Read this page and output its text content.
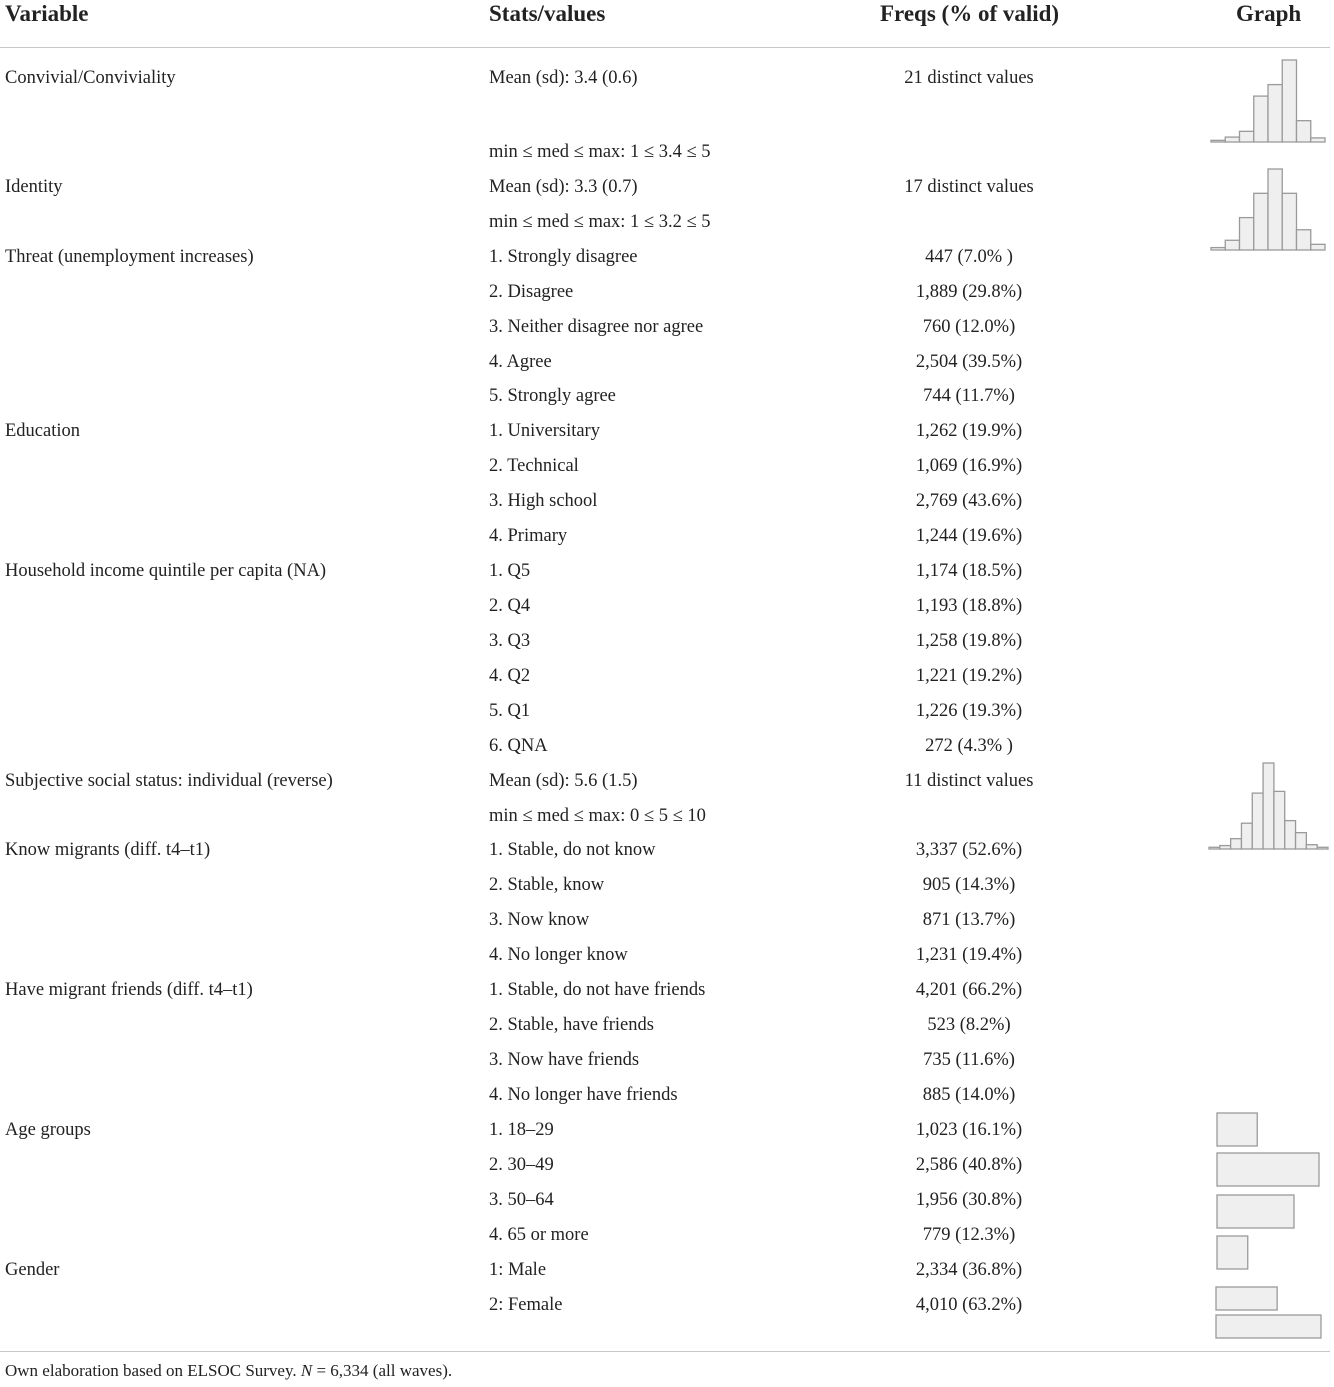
Variable	Stats/values	Freqs (% of valid)	Graph
Convivial/Conviviality	Mean (sd): 3.4 (0.6)	21 distinct values
min ≤ med ≤ max: 1 ≤ 3.4 ≤ 5
Identity	Mean (sd): 3.3 (0.7)	17 distinct values
min ≤ med ≤ max: 1 ≤ 3.2 ≤ 5
Threat (unemployment increases)	1. Strongly disagree	447 (7.0% )
2. Disagree	1,889 (29.8%)
3. Neither disagree nor agree	760 (12.0%)
4. Agree	2,504 (39.5%)
5. Strongly agree	744 (11.7%)
Education	1. Universitary	1,262 (19.9%)
2. Technical	1,069 (16.9%)
3. High school	2,769 (43.6%)
4. Primary	1,244 (19.6%)
Household income quintile per capita (NA)	1. Q5	1,174 (18.5%)
2. Q4	1,193 (18.8%)
3. Q3	1,258 (19.8%)
4. Q2	1,221 (19.2%)
5. Q1	1,226 (19.3%)
6. QNA	272 (4.3% )
Subjective social status: individual (reverse)	Mean (sd): 5.6 (1.5)	11 distinct values
min ≤ med ≤ max: 0 ≤ 5 ≤ 10
Know migrants (diff. t4–t1)	1. Stable, do not know	3,337 (52.6%)
2. Stable, know	905 (14.3%)
3. Now know	871 (13.7%)
4. No longer know	1,231 (19.4%)
Have migrant friends (diff. t4–t1)	1. Stable, do not have friends	4,201 (66.2%)
2. Stable, have friends	523 (8.2%)
3. Now have friends	735 (11.6%)
4. No longer have friends	885 (14.0%)
Age groups	1. 18–29	1,023 (16.1%)
2. 30–49	2,586 (40.8%)
3. 50–64	1,956 (30.8%)
4. 65 or more	779 (12.3%)
Gender	1: Male	2,334 (36.8%)
2: Female	4,010 (63.2%)
Own elaboration based on ELSOC Survey. N = 6,334 (all waves).
